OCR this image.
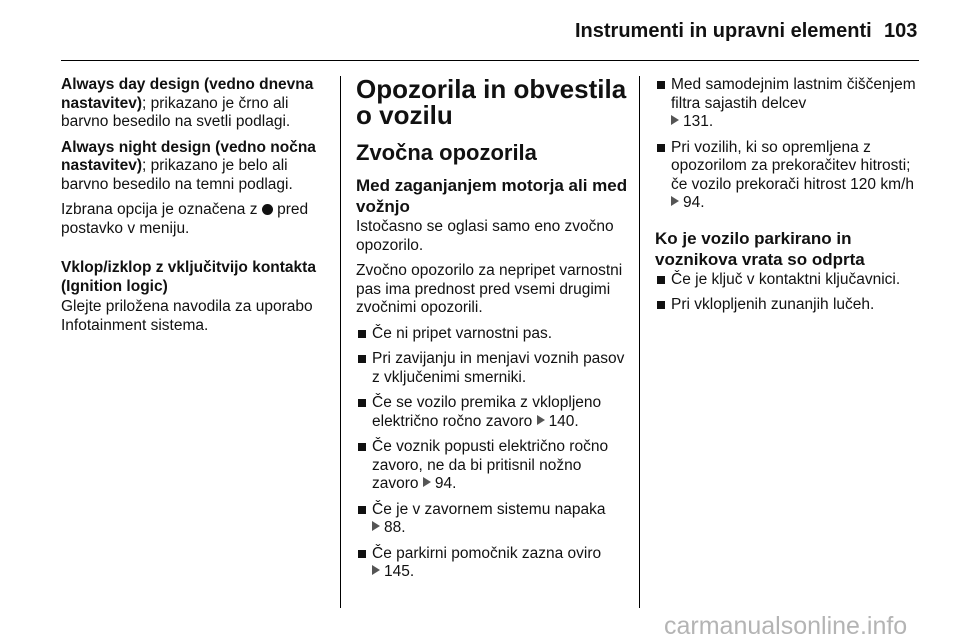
Instrumenti in upravni elementi 103

Always day design (vedno dnevna nastavitev); prikazano je črno ali barvno besedilo na svetli podlagi.

Always night design (vedno nočna nastavitev); prikazano je belo ali barvno besedilo na temni podlagi.

Izbrana opcija je označena z pred postavko v meniju.

Vklop/izklop z vključitvijo kontakta (Ignition logic)

Glejte priložena navodila za uporabo Infotainment sistema.

Opozorila in obvestila o vozilu
Zvočna opozorila
Med zaganjanjem motorja ali med vožnjo

Istočasno se oglasi samo eno zvočno opozorilo.

Zvočno opozorilo za nepripet varnostni pas ima prednost pred vsemi drugimi zvočnimi opozorili.

Če ni pripet varnostni pas.
Pri zavijanju in menjavi voznih pasov z vključenimi smerniki.
Če se vozilo premika z vklopljeno električno ročno zavoro 140.
Če voznik popusti električno ročno zavoro, ne da bi pritisnil nožno zavoro 94.
Če je v zavornem sistemu napaka
88.
Če parkirni pomočnik zazna oviro
145.
Med samodejnim lastnim čiščenjem filtra sajastih delcev
131.
Pri vozilih, ki so opremljena z opozorilom za prekoračitev hitrosti; če vozilo prekorači hitrost 120 km/h
94.
Ko je vozilo parkirano in voznikova vrata so odprta
Če je ključ v kontaktni ključavnici.
Pri vklopljenih zunanjih lučeh.
carmanualsonline.info
